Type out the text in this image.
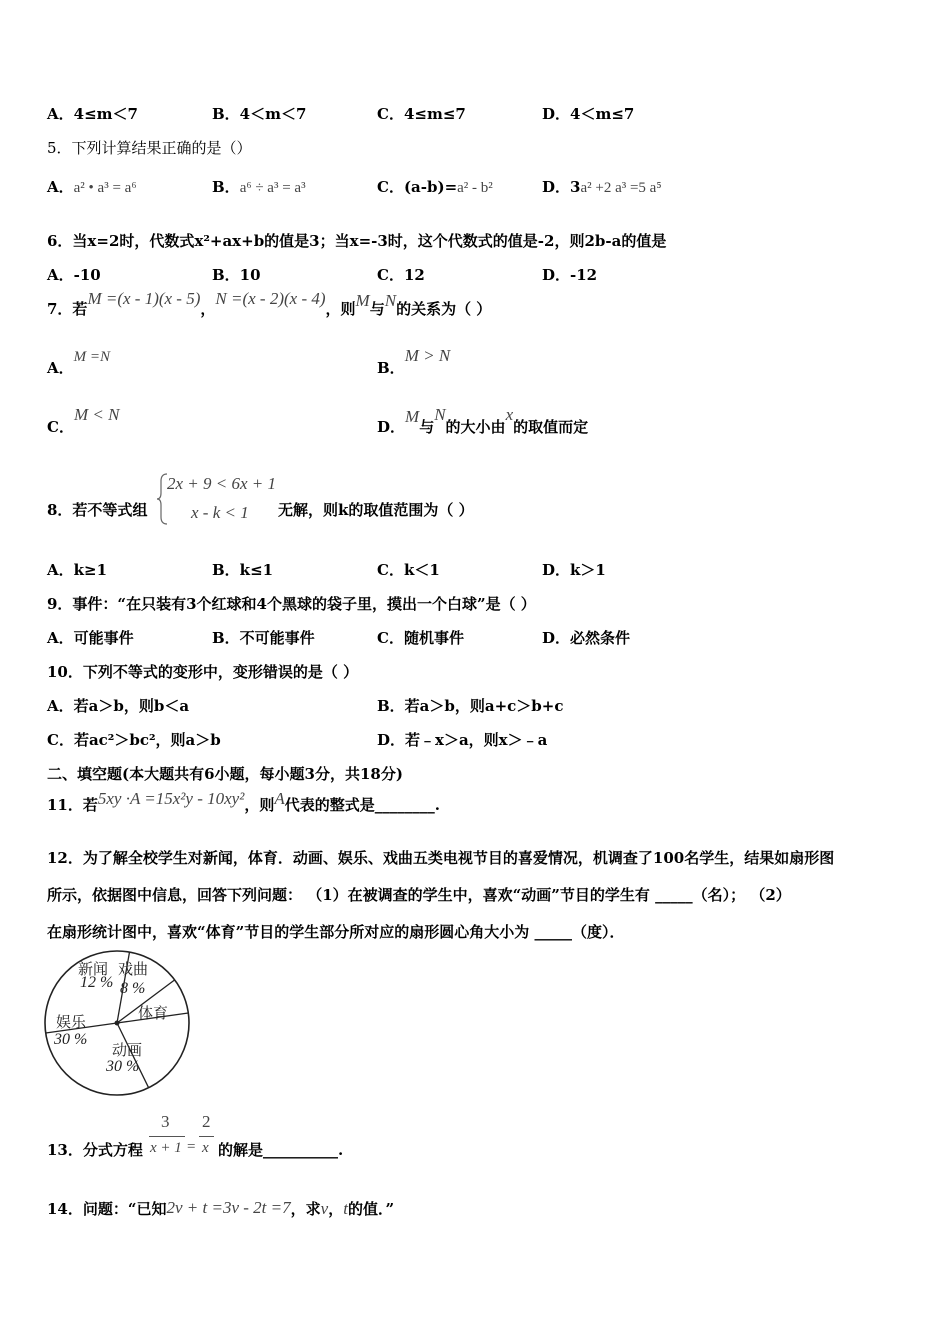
A．4≤m＜7	B．4＜m＜7	C．4≤m≤7	D．4＜m≤7
5．下列计算结果正确的是（）
A．a² • a³ = a⁶	B．a⁶ ÷ a³ = a³	C．(a-b)=a² - b²	D．3a² +2 a³ =5 a⁵
6．当x=2时，代数式x²+ax+b的值是3；当x=-3时，这个代数式的值是-2，则2b-a的值是
A．-10	B．10	C．12	D．-12
7．若M =(x - 1)(x - 5)，N =(x - 2)(x - 4)，则M与N的关系为（ ）
A．M =N
B．M > N
C．M < N
D．M与N的大小由x的取值而定
8．若不等式组
2x + 9 < 6x + 1
x - k < 1 无解，则k的取值范围为（ ）
A．k≥1	B．k≤1	C．k＜1	D．k＞1
9．事件：“在只装有3个红球和4个黑球的袋子里，摸出一个白球”是（ ）
A．可能事件	B．不可能事件	C．随机事件	D．必然条件
10．下列不等式的变形中，变形错误的是（ ）
A．若a＞b，则b＜a	B．若a＞b，则a+c＞b+c
C．若ac²＞bc²，则a＞b	D．若﹣x＞a，则x＞﹣a
二、填空题(本大题共有6小题，每小题3分，共18分)
11．若5xy ·A =15x²y - 10xy²，则A代表的整式是________.
12．为了解全校学生对新闻，体育．动画、娱乐、戏曲五类电视节目的喜爱情况，机调查了100名学生，结果如扇形图
所示，依据图中信息，回答下列问题： （1）在被调查的学生中，喜欢“动画”节目的学生有 _____（名）； （2）
在扇形统计图中，喜欢“体育”节目的学生部分所对应的扇形圆心角大小为 _____（度）．
新闻
12 %
戏曲
8 %
体育
动画
30 %
娱乐
30 %
13．分式方程
3
x + 1 =
2
x 的解是__________.
14．问题：“已知2v + t =3v - 2t =7，求v，t的值．”
